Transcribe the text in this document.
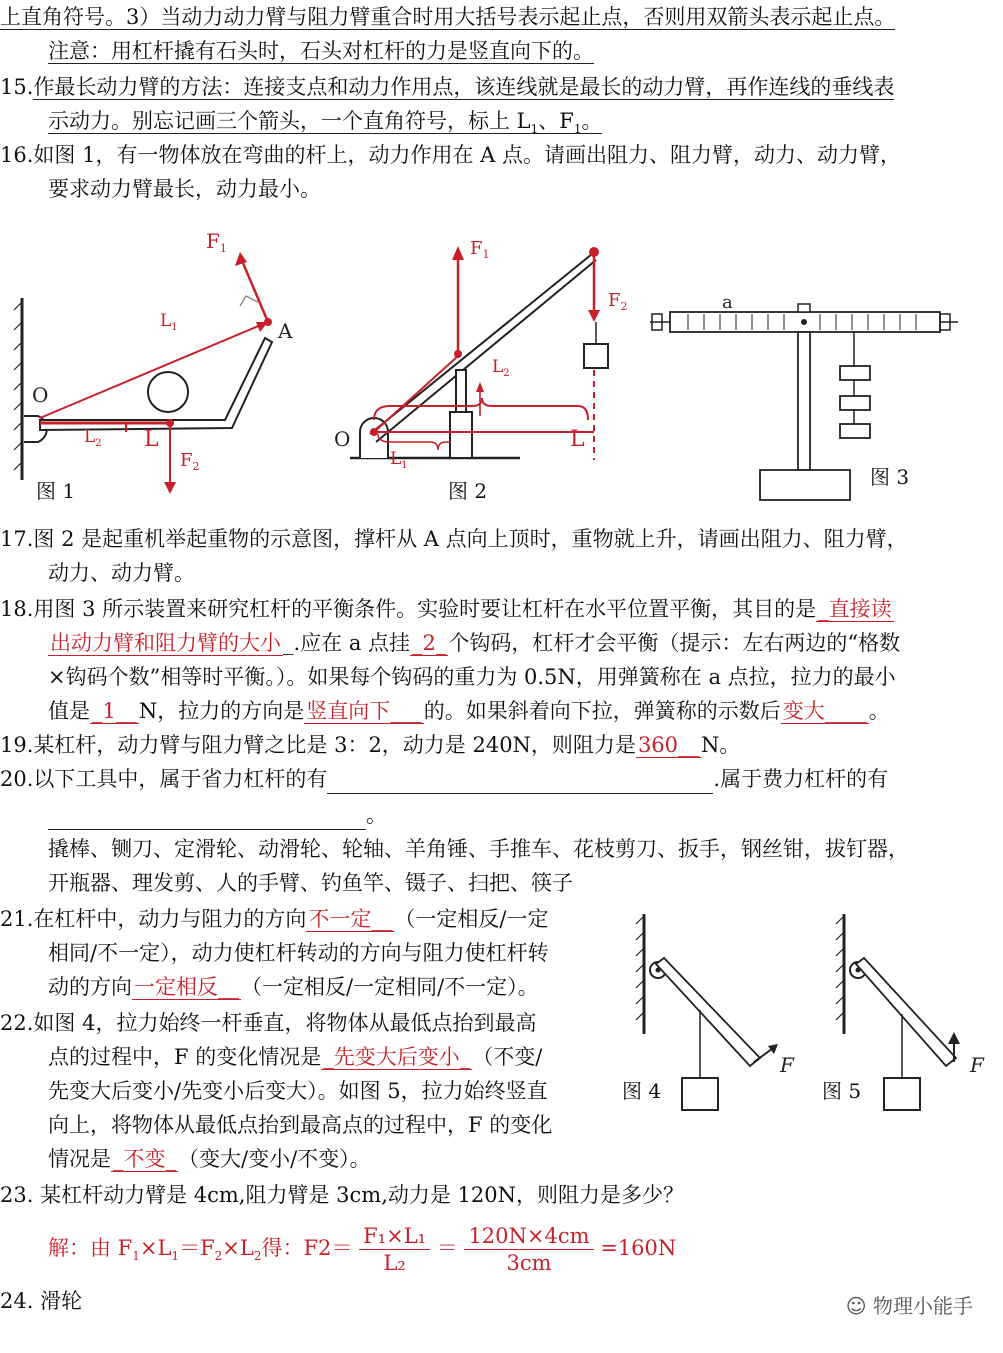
上直角符号。3）当动力动力臂与阻力臂重合时用大括号表示起止点，否则用双箭头表示起止点。
注意：用杠杆撬有石头时，石头对杠杆的力是竖直向下的。
15.作最长动力臂的方法：连接支点和动力作用点，该连线就是最长的动力臂，再作连线的垂线表
示动力。别忘记画三个箭头，一个直角符号，标上 $L_1$、$F_1$。
16.如图 1，有一物体放在弯曲的杆上，动力作用在 A 点。请画出阻力、阻力臂，动力、动力臂，
要求动力臂最长，动力最小。
$F_1$
$L_1$
$L_2$ L
$F_2$
A
O
图 1
$F_1$
$F_2$
$L_2$
$L_1$
L
O
图 2
a
图 3
17.图 2 是起重机举起重物的示意图，撑杆从 A 点向上顶时，重物就上升，请画出阻力、阻力臂，
动力、动力臂。
18.用图 3 所示装置来研究杠杆的平衡条件。实验时要让杠杆在水平位置平衡，其目的是_直接读
出动力臂和阻力臂的大小_.应在 a 点挂_2_个钩码，杠杆才会平衡（提示：左右两边的“格数
×钩码个数”相等时平衡。）。如果每个钩码的重力为 0.5N，用弹簧称在 a 点拉，拉力的最小
值是_1__N，拉力的方向是竖直向下___的。如果斜着向下拉，弹簧称的示数后变大____。
19.某杠杆，动力臂与阻力臂之比是 3：2，动力是 240N，则阻力是360__N。
20.以下工具中，属于省力杠杆的有	.属于费力杠杆的有
。
撬棒、铡刀、定滑轮、动滑轮、轮轴、羊角锤、手推车、花枝剪刀、扳手，钢丝钳，拔钉器，
开瓶器、理发剪、人的手臂、钓鱼竿、镊子、扫把、筷子
21.在杠杆中，动力与阻力的方向不一定__（一定相反/一定
相同/不一定），动力使杠杆转动的方向与阻力使杠杆转
动的方向一定相反__（一定相反/一定相同/不一定）。
22.如图 4，拉力始终一杆垂直，将物体从最低点抬到最高
点的过程中，F 的变化情况是_先变大后变小_（不变/
先变大后变小/先变小后变大）。如图 5，拉力始终竖直
向上，将物体从最低点抬到最高点的过程中，F 的变化
情况是_不变_（变大/变小/不变）。
F
图 4
F
图 5
23. 某杠杆动力臂是 4cm,阻力臂是 3cm,动力是 120N，则阻力是多少？
解：由 $F_1\times L_1=F_2\times L_2$得：$F2= \frac{\text{F₁×L₁}}{\text{L₂}} = \frac{120N\times 4cm}{3cm} =160N$
24. 滑轮	☺ 物理小能手
